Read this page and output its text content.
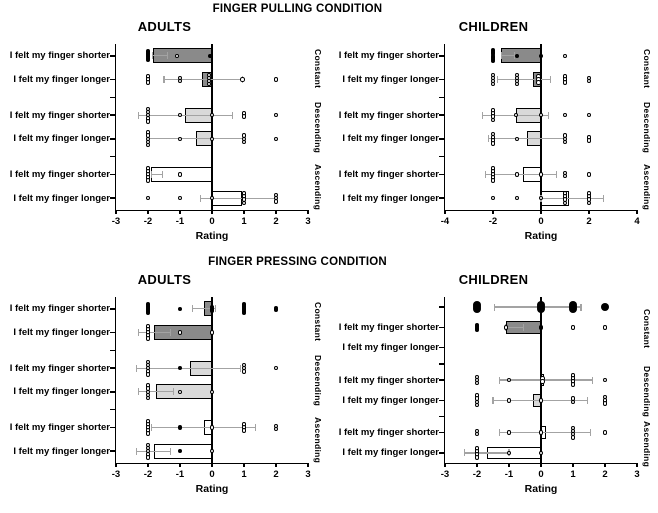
FINGER PULLING CONDITION
ADULTS
-3	-2	-1	0	1	2	3
Rating
Constant
Descending
Ascending
I felt my finger shorter
I felt my finger longer
I felt my finger shorter
I felt my finger longer
I felt my finger shorter
I felt my finger longer
CHILDREN
-4	-2	0	2	4
Rating
Constant
Descending
Ascending
I felt my finger shorter
I felt my finger longer
I felt my finger shorter
I felt my finger longer
I felt my finger shorter
I felt my finger longer
FINGER PRESSING CONDITION
ADULTS
-3	-2	-1	0	1	2	3
Rating
Constant
Descending
Ascending
I felt my finger shorter
I felt my finger longer
I felt my finger shorter
I felt my finger longer
I felt my finger shorter
I felt my finger longer
CHILDREN
-3	-2	-1	0	1	2	3
Rating
Constant
Descending
Ascending
I felt my finger shorter
I felt my finger longer
I felt my finger shorter
I felt my finger longer
I felt my finger shorter
I felt my finger longer
